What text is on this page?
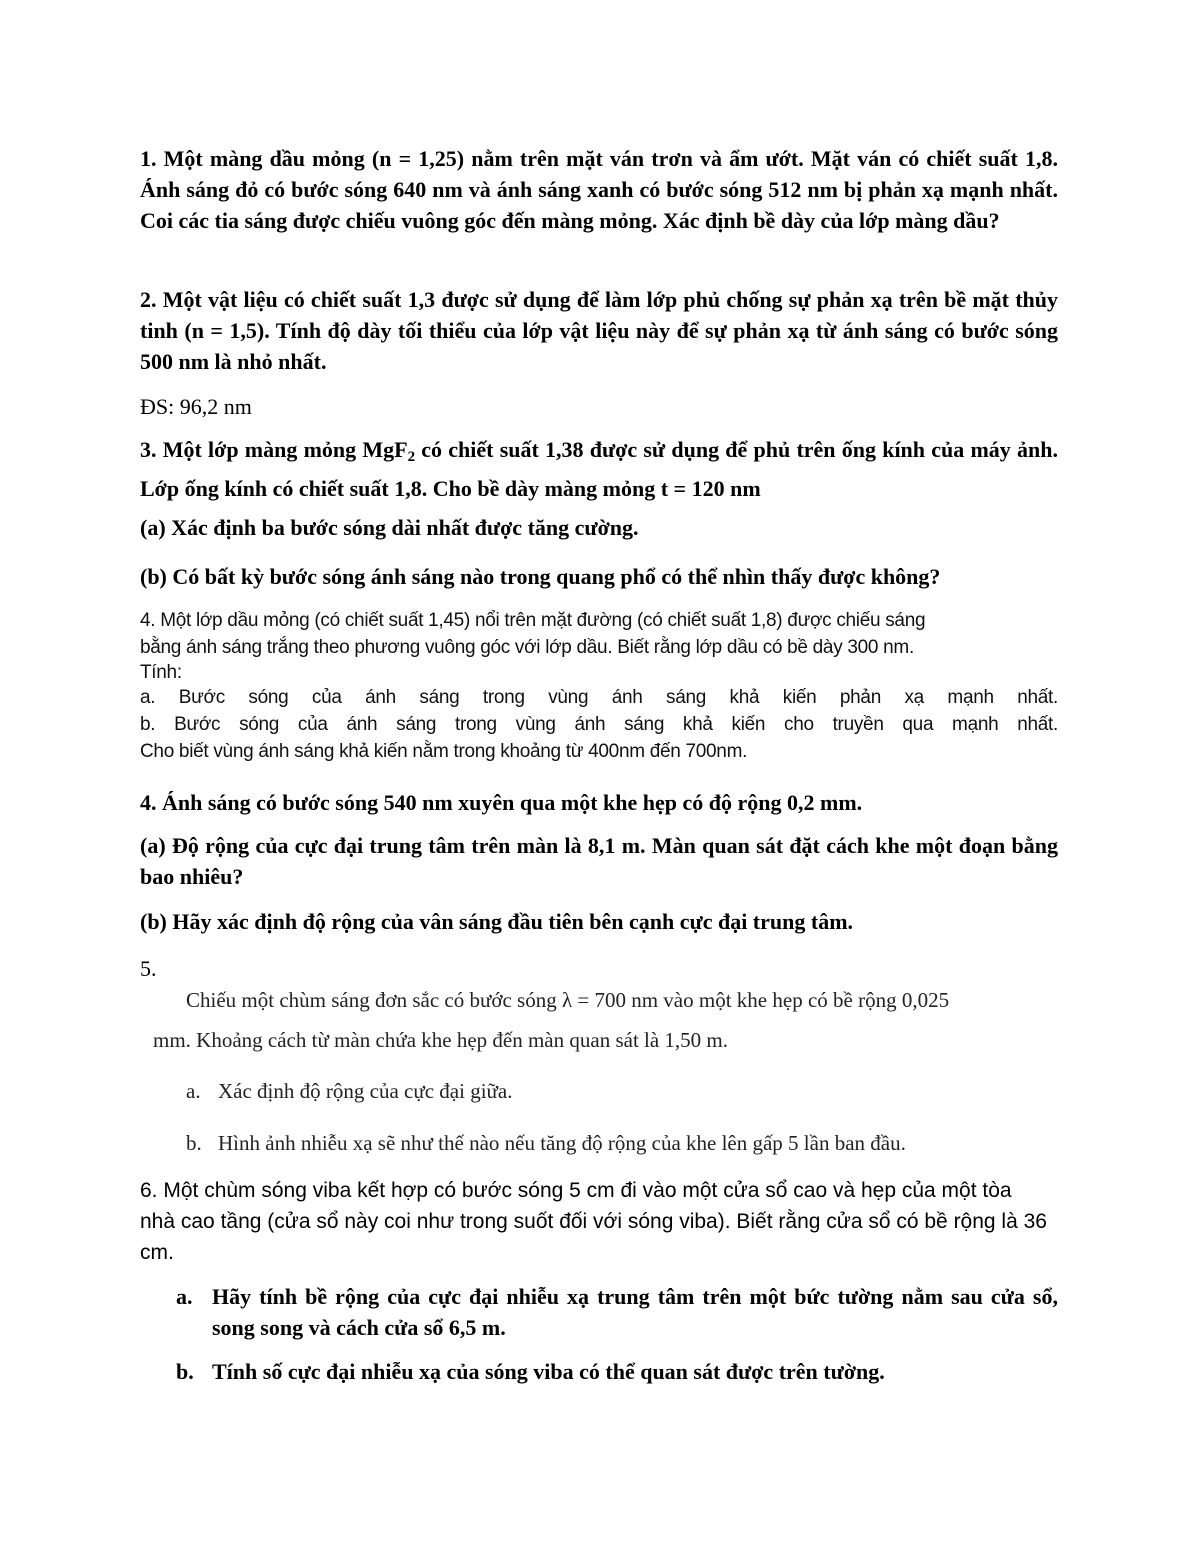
1. Một màng dầu mỏng (n = 1,25) nằm trên mặt ván trơn và ẩm ướt. Mặt ván có chiết suất 1,8. Ánh sáng đỏ có bước sóng 640 nm và ánh sáng xanh có bước sóng 512 nm bị phản xạ mạnh nhất. Coi các tia sáng được chiếu vuông góc đến màng mỏng. Xác định bề dày của lớp màng dầu?

2. Một vật liệu có chiết suất 1,3 được sử dụng để làm lớp phủ chống sự phản xạ trên bề mặt thủy tinh (n = 1,5). Tính độ dày tối thiểu của lớp vật liệu này để sự phản xạ từ ánh sáng có bước sóng 500 nm là nhỏ nhất.

ĐS: 96,2 nm

3. Một lớp màng mỏng MgF$_2$ có chiết suất 1,38 được sử dụng để phủ trên ống kính của máy ảnh. Lớp ống kính có chiết suất 1,8. Cho bề dày màng mỏng t = 120 nm

(a) Xác định ba bước sóng dài nhất được tăng cường.

(b) Có bất kỳ bước sóng ánh sáng nào trong quang phổ có thể nhìn thấy được không?

4. Một lớp dầu mỏng (có chiết suất 1,45) nổi trên mặt đường (có chiết suất 1,8) được chiếu sáng
bằng ánh sáng trắng theo phương vuông góc với lớp dầu. Biết rằng lớp dầu có bề dày 300 nm.
Tính:
a. Bước sóng của ánh sáng trong vùng ánh sáng khả kiến phản xạ mạnh nhất.
b. Bước sóng của ánh sáng trong vùng ánh sáng khả kiến cho truyền qua mạnh nhất.
Cho biết vùng ánh sáng khả kiến nằm trong khoảng từ 400nm đến 700nm.

4. Ánh sáng có bước sóng 540 nm xuyên qua một khe hẹp có độ rộng 0,2 mm.

(a) Độ rộng của cực đại trung tâm trên màn là 8,1 m. Màn quan sát đặt cách khe một đoạn bằng bao nhiêu?

(b) Hãy xác định độ rộng của vân sáng đầu tiên bên cạnh cực đại trung tâm.

5.

Chiếu một chùm sáng đơn sắc có bước sóng λ = 700 nm vào một khe hẹp có bề rộng 0,025
mm. Khoảng cách từ màn chứa khe hẹp đến màn quan sát là 1,50 m.
a. Xác định độ rộng của cực đại giữa.
b. Hình ảnh nhiễu xạ sẽ như thế nào nếu tăng độ rộng của khe lên gấp 5 lần ban đầu.

6. Một chùm sóng viba kết hợp có bước sóng 5 cm đi vào một cửa sổ cao và hẹp của một tòa nhà cao tầng (cửa sổ này coi như trong suốt đối với sóng viba). Biết rằng cửa sổ có bề rộng là 36 cm.

a. Hãy tính bề rộng của cực đại nhiễu xạ trung tâm trên một bức tường nằm sau cửa sổ, song song và cách cửa sổ 6,5 m.
b. Tính số cực đại nhiễu xạ của sóng viba có thể quan sát được trên tường.
